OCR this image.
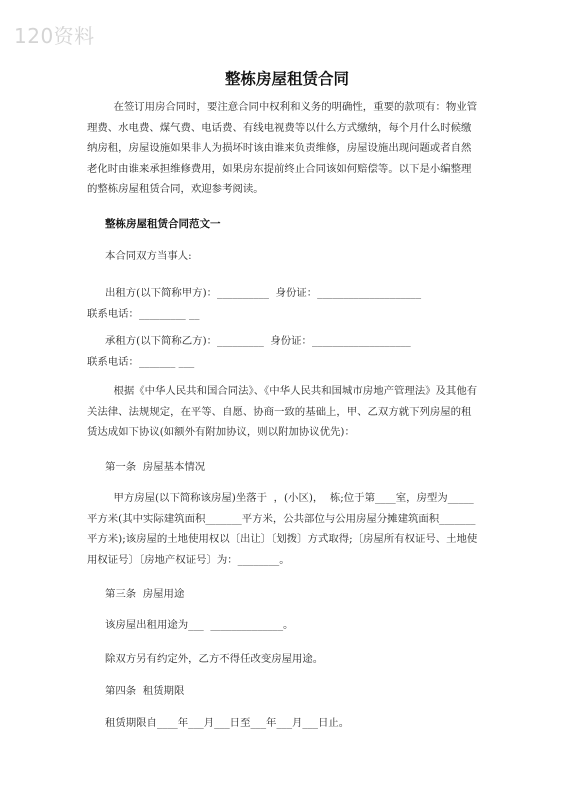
120资料
整栋房屋租赁合同
在签订用房合同时，要注意合同中权利和义务的明确性，重要的款项有：物业管理费、水电费、煤气费、电话费、有线电视费等以什么方式缴纳，每个月什么时候缴纳房租，房屋设施如果非人为损坏时该由谁来负责维修，房屋设施出现问题或者自然老化时由谁来承担维修费用，如果房东提前终止合同该如何赔偿等。以下是小编整理的整栋房屋租赁合同，欢迎参考阅读。
整栋房屋租赁合同范文一
本合同双方当事人:
出租方(以下简称甲方)：__________  身份证：____________________
联系电话：_________ __
承租方(以下简称乙方)：_________  身份证：___________________
联系电话：_______ ___
根据《中华人民共和国合同法》、《中华人民共和国城市房地产管理法》及其他有关法律、法规规定，在平等、自愿、协商一致的基础上，甲、乙双方就下列房屋的租赁达成如下协议(如额外有附加协议，则以附加协议优先)：
第一条  房屋基本情况
甲方房屋(以下简称该房屋)坐落于  ，(小区)，  栋;位于第____室，房型为_____平方米(其中实际建筑面积_______平方米，公共部位与公用房屋分摊建筑面积_______平方米);该房屋的土地使用权以〔出让〕〔划拨〕方式取得;〔房屋所有权证号、土地使用权证号〕〔房地产权证号〕为：________。
第三条  房屋用途
该房屋出租用途为___  ______________。
除双方另有约定外，乙方不得任改变房屋用途。
第四条  租赁期限
租赁期限自____年___月___日至___年___月___日止。
